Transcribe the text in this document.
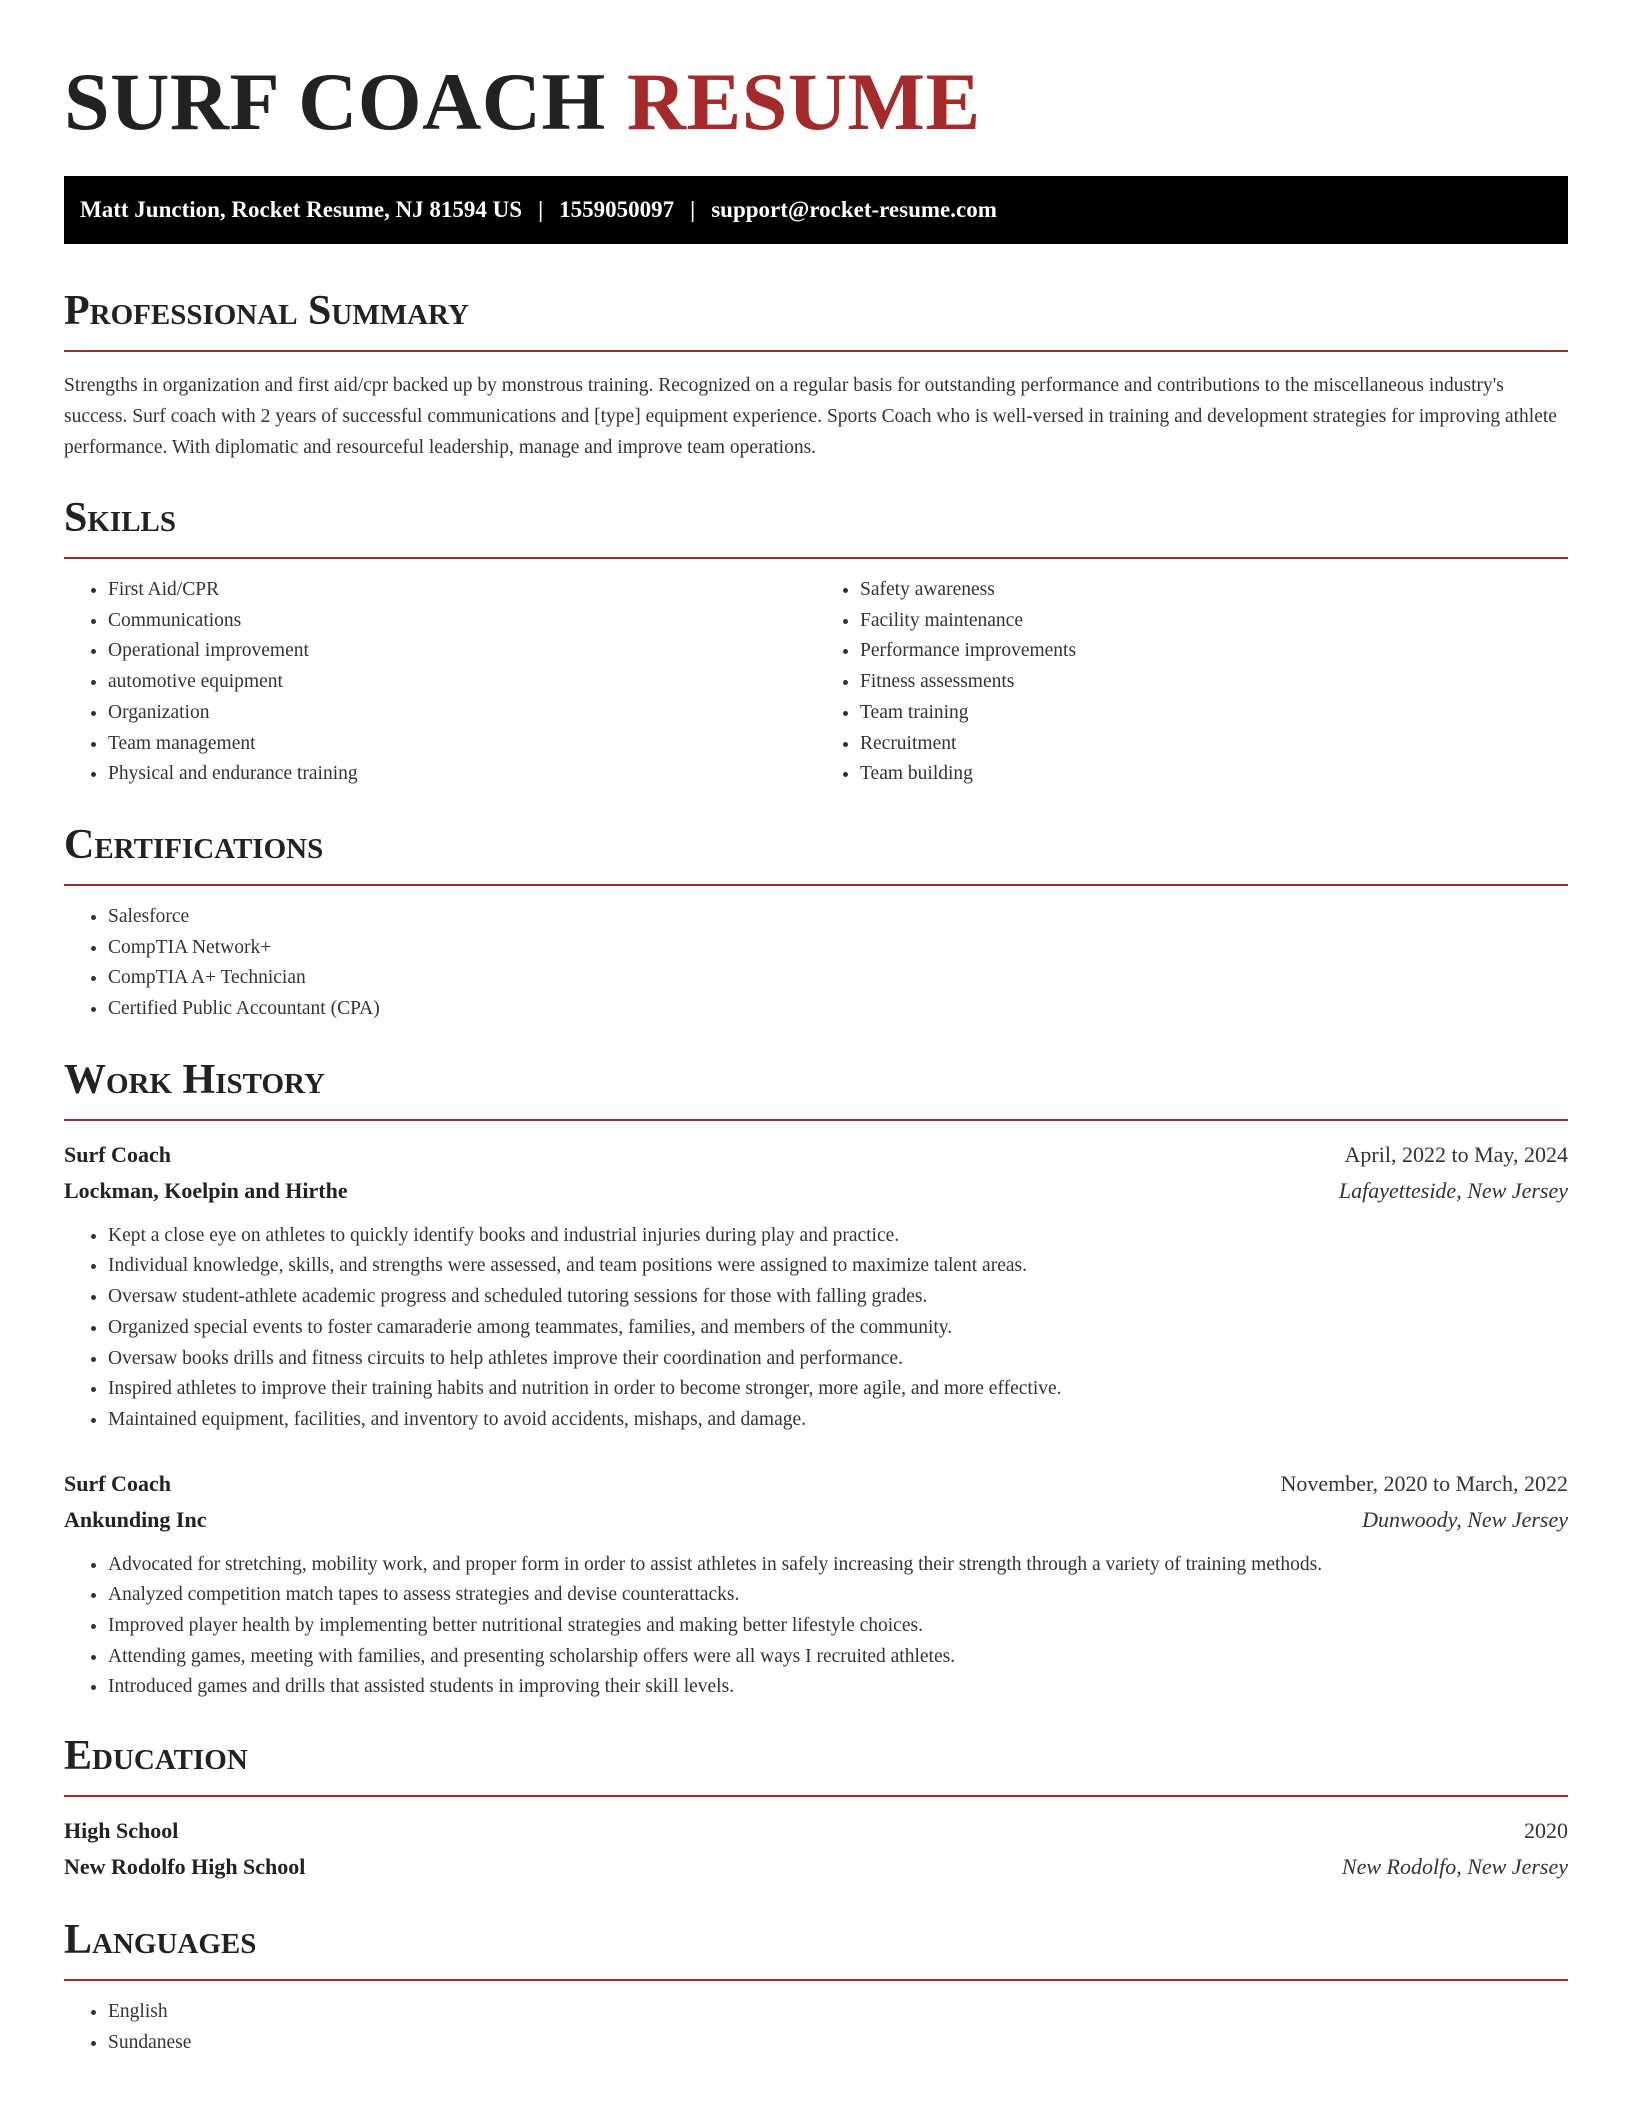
SURF COACH RESUME
Matt Junction, Rocket Resume, NJ 81594 US | 1559050097 | support@rocket-resume.com
Professional Summary

Strengths in organization and first aid/cpr backed up by monstrous training. Recognized on a regular basis for outstanding performance and contributions to the miscellaneous industry's success. Surf coach with 2 years of successful communications and [type] equipment experience. Sports Coach who is well-versed in training and development strategies for improving athlete performance. With diplomatic and resourceful leadership, manage and improve team operations.

Skills
• First Aid/CPR
• Communications
• Operational improvement
• automotive equipment
• Organization
• Team management
• Physical and endurance training
• Safety awareness
• Facility maintenance
• Performance improvements
• Fitness assessments
• Team training
• Recruitment
• Team building
Certifications
• Salesforce
• CompTIA Network+
• CompTIA A+ Technician
• Certified Public Accountant (CPA)
Work History
Surf Coach	April, 2022 to May, 2024
Lockman, Koelpin and Hirthe	Lafayetteside, New Jersey
• Kept a close eye on athletes to quickly identify books and industrial injuries during play and practice.
• Individual knowledge, skills, and strengths were assessed, and team positions were assigned to maximize talent areas.
• Oversaw student-athlete academic progress and scheduled tutoring sessions for those with falling grades.
• Organized special events to foster camaraderie among teammates, families, and members of the community.
• Oversaw books drills and fitness circuits to help athletes improve their coordination and performance.
• Inspired athletes to improve their training habits and nutrition in order to become stronger, more agile, and more effective.
• Maintained equipment, facilities, and inventory to avoid accidents, mishaps, and damage.
Surf Coach	November, 2020 to March, 2022
Ankunding Inc	Dunwoody, New Jersey
• Advocated for stretching, mobility work, and proper form in order to assist athletes in safely increasing their strength through a variety of training methods.
• Analyzed competition match tapes to assess strategies and devise counterattacks.
• Improved player health by implementing better nutritional strategies and making better lifestyle choices.
• Attending games, meeting with families, and presenting scholarship offers were all ways I recruited athletes.
• Introduced games and drills that assisted students in improving their skill levels.
Education
High School	2020
New Rodolfo High School	New Rodolfo, New Jersey
Languages
• English
• Sundanese
